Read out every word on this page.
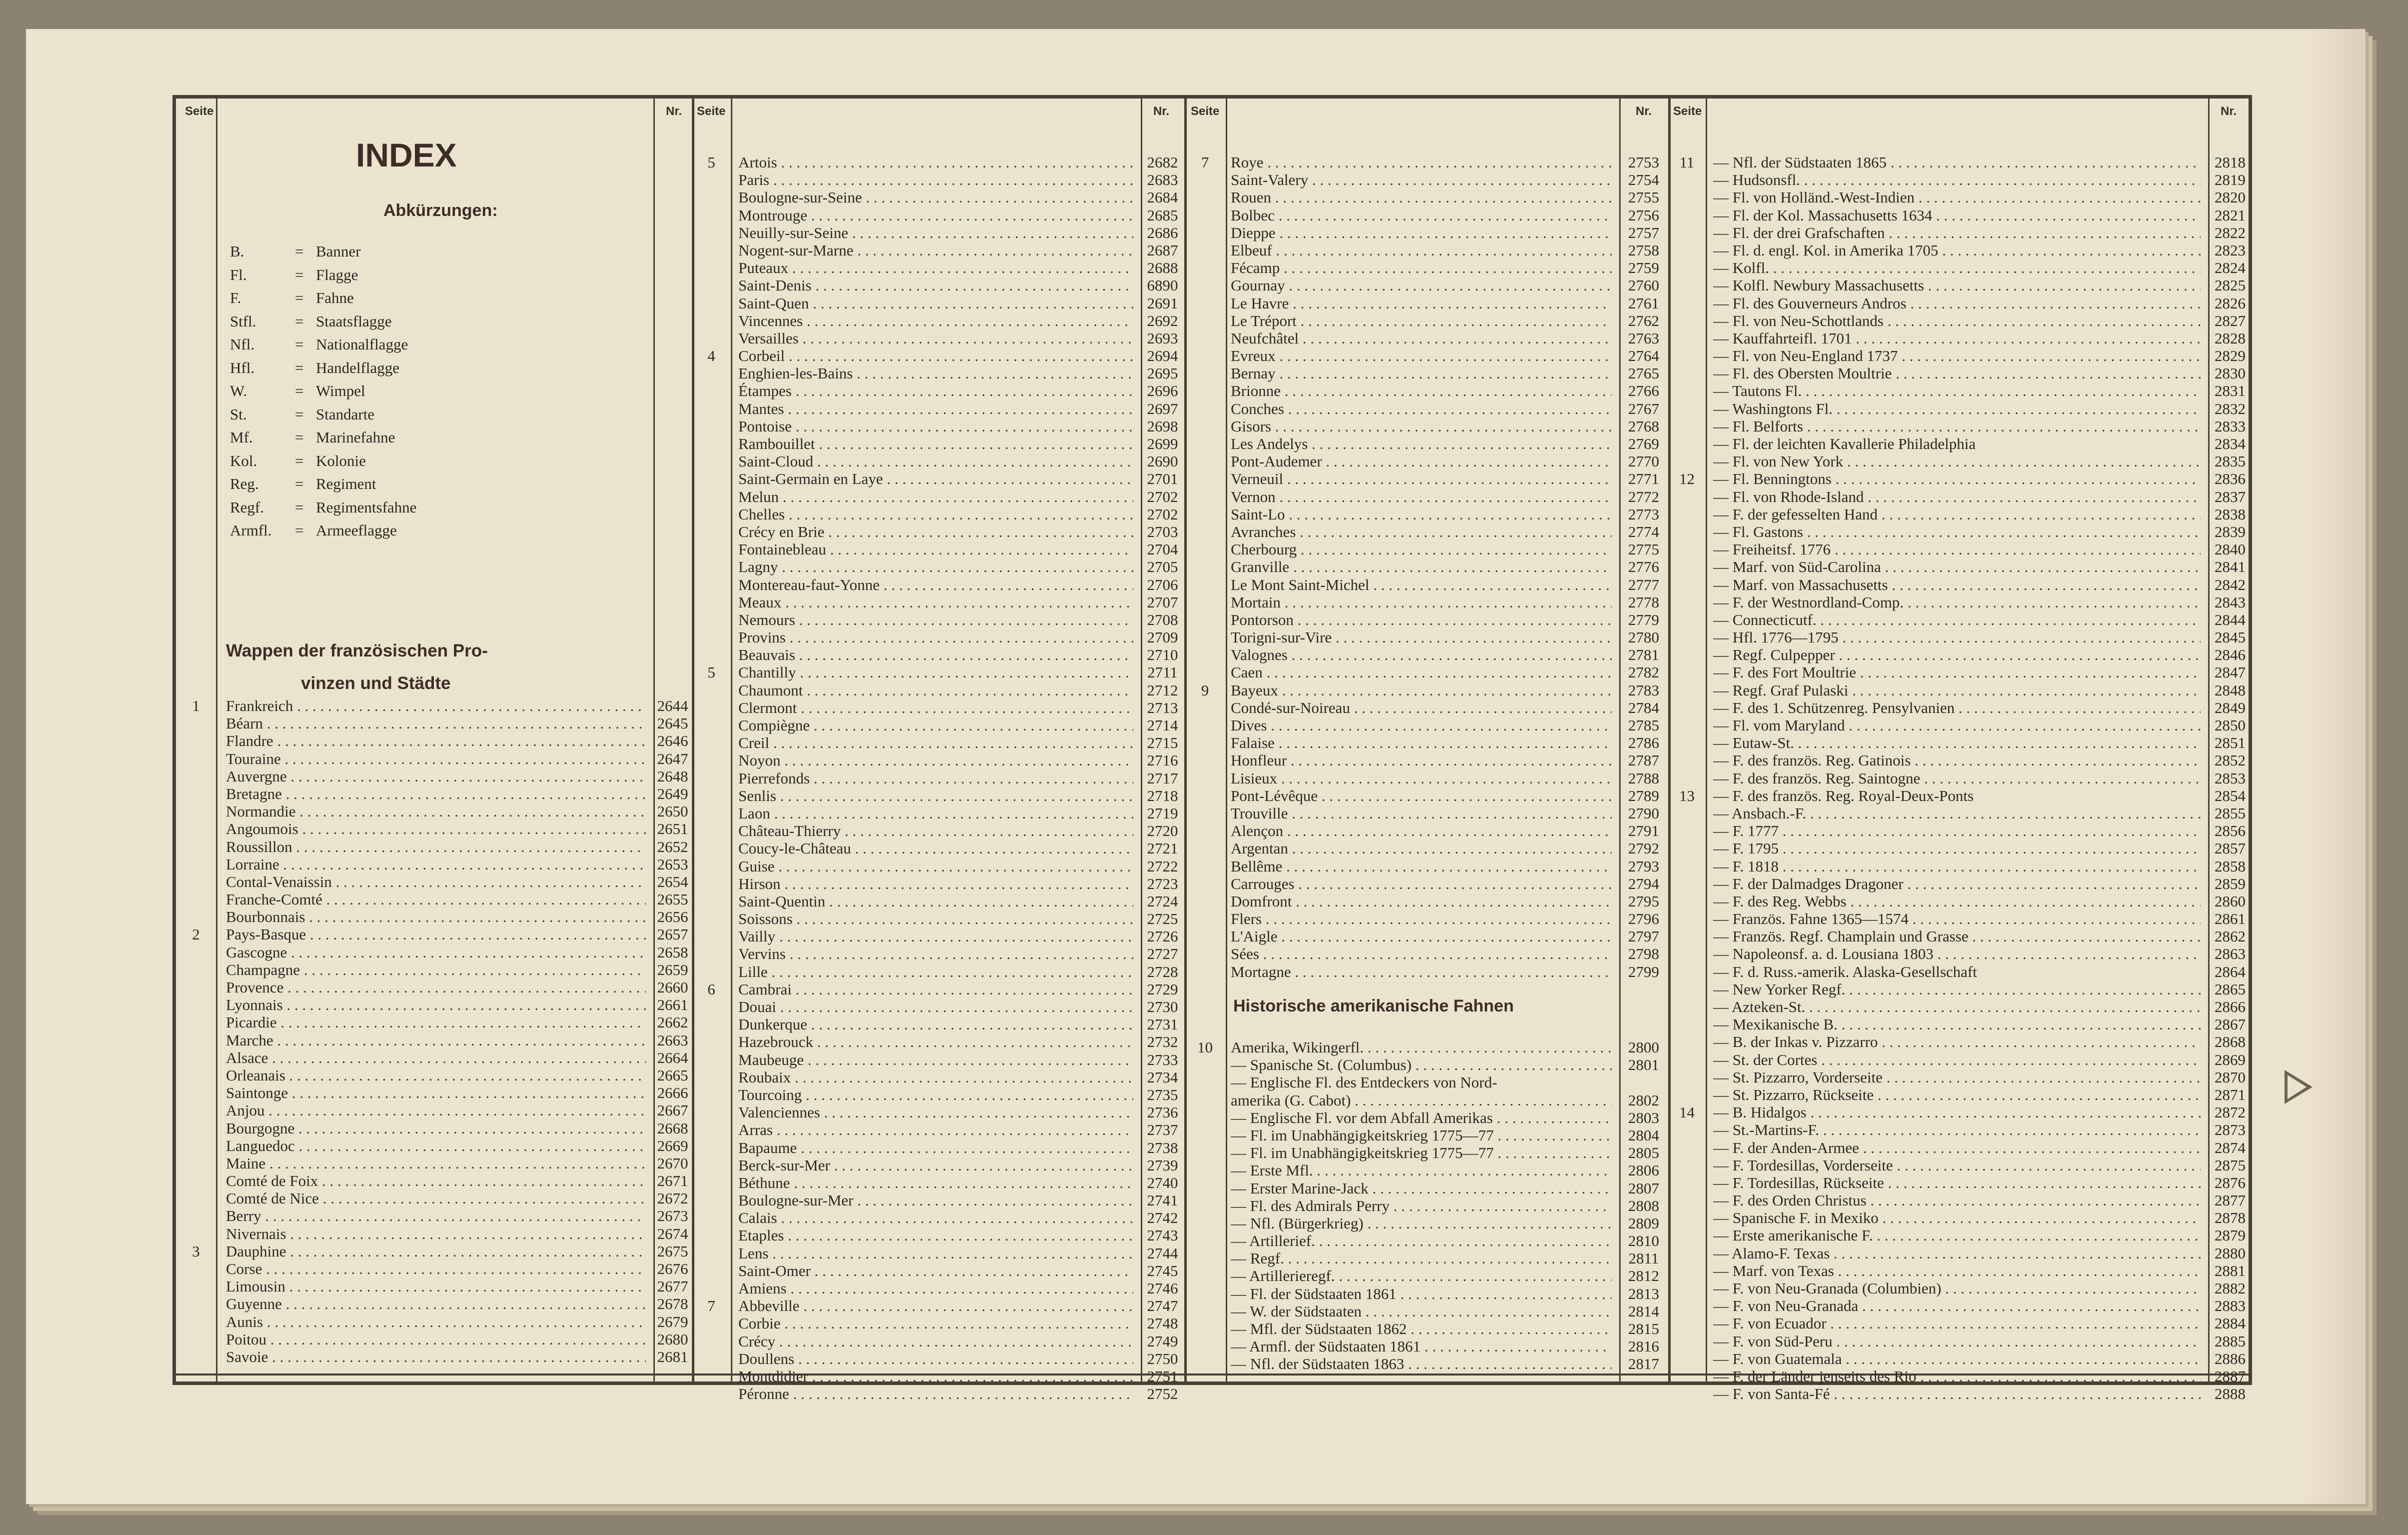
Seite	Nr. Seite	Nr. Seite	Nr. Seite	Nr.
INDEX
Abkürzungen:
B.	= Banner
Fl.	= Flagge
F.	= Fahne
Stfl. = Staatsflagge
Nfl.	= Nationalflagge
Hfl.	= Handelflagge
W.	= Wimpel
St.	= Standarte
Mf.	= Marinefahne
Kol. = Kolonie
Reg. = Regiment
Regf. = Regimentsfahne
Armfl. = Armeeflagge
Wappen der französischen Pro-
vinzen und Städte
Historische amerikanische Fahnen
1	Frankreich . . .	2644
Béarn . . .	2645
Flandre . . .	2646
Touraine . . .	2647
Auvergne . . .	2648
Bretagne . . .	2649
Normandie . . .	2650
Angoumois . . .	2651
Roussillon . . .	2652
Lorraine . . .	2653
Contal-Venaissin . . .	2654
Franche-Comté . . .	2655
Bourbonnais . . .	2656
2	Pays-Basque . . .	2657
Gascogne . . .	2658
Champagne . . .	2659
Provence . . .	2660
Lyonnais . . .	2661
Picardie . . .	2662
Marche . . .	2663
Alsace . . .	2664
Orleanais . . .	2665
Saintonge . . .	2666
Anjou . . .	2667
Bourgogne . . .	2668
Languedoc . . .	2669
Maine . . .	2670
Comté de Foix . . .	2671
Comté de Nice . . .	2672
Berry . . .	2673
Nivernais . . .	2674
3	Dauphine . . .	2675
Corse . . .	2676
Limousin . . .	2677
Guyenne . . .	2678
Aunis . . .	2679
Poitou . . .	2680
Savoie . . .	2681
5	Artois . . .	2682
Paris . . .	2683
Boulogne-sur-Seine . . .	2684
Montrouge . . .	2685
Neuilly-sur-Seine . . .	2686
Nogent-sur-Marne . . .	2687
Puteaux . . .	2688
Saint-Denis . . .	6890
Saint-Quen . . .	2691
Vincennes . . .	2692
Versailles . . .	2693
4	Corbeil . . .	2694
Enghien-les-Bains . . .	2695
Étampes . . .	2696
Mantes . . .	2697
Pontoise . . .	2698
Rambouillet . . .	2699
Saint-Cloud . . .	2690
Saint-Germain en Laye . . .	2701
Melun . . .	2702
Chelles . . .	2702
Crécy en Brie . . .	2703
Fontainebleau . . .	2704
Lagny . . .	2705
Montereau-faut-Yonne . . .	2706
Meaux . . .	2707
Nemours . . .	2708
Provins . . .	2709
Beauvais . . .	2710
5	Chantilly . . .	2711
Chaumont . . .	2712
Clermont . . .	2713
Compiègne . . .	2714
Creil . . .	2715
Noyon . . .	2716
Pierrefonds . . .	2717
Senlis . . .	2718
Laon . . .	2719
Château-Thierry . . .	2720
Coucy-le-Château . . .	2721
Guise . . .	2722
Hirson . . .	2723
Saint-Quentin . . .	2724
Soissons . . .	2725
Vailly . . .	2726
Vervins . . .	2727
Lille . . .	2728
6	Cambrai . . .	2729
Douai . . .	2730
Dunkerque . . .	2731
Hazebrouck . . .	2732
Maubeuge . . .	2733
Roubaix . . .	2734
Tourcoing . . .	2735
Valenciennes . . .	2736
Arras . . .	2737
Bapaume . . .	2738
Berck-sur-Mer . . .	2739
Béthune . . .	2740
Boulogne-sur-Mer . . .	2741
Calais . . .	2742
Etaples . . .	2743
Lens . . .	2744
Saint-Omer . . .	2745
Amiens . . .	2746
7	Abbeville . . .	2747
Corbie . . .	2748
Crécy . . .	2749
Doullens . . .	2750
Montdidier . . .	2751
Péronne . . .	2752
7	Roye . . .	2753
Saint-Valery . . .	2754
Rouen . . .	2755
Bolbec . . .	2756
Dieppe . . .	2757
Elbeuf . . .	2758
Fécamp . . .	2759
Gournay . . .	2760
Le Havre . . .	2761
Le Tréport . . .	2762
Neufchâtel . . .	2763
Evreux . . .	2764
Bernay . . .	2765
Brionne . . .	2766
Conches . . .	2767
Gisors . . .	2768
Les Andelys . . .	2769
Pont-Audemer . . .	2770
Verneuil . . .	2771
Vernon . . .	2772
Saint-Lo . . .	2773
Avranches . . .	2774
Cherbourg . . .	2775
Granville . . .	2776
Le Mont Saint-Michel . . .	2777
Mortain . . .	2778
Pontorson . . .	2779
Torigni-sur-Vire . . .	2780
Valognes . . .	2781
Caen . . .	2782
9	Bayeux . . .	2783
Condé-sur-Noireau . . .	2784
Dives . . .	2785
Falaise . . .	2786
Honfleur . . .	2787
Lisieux . . .	2788
Pont-Lévêque . . .	2789
Trouville . . .	2790
Alençon . . .	2791
Argentan . . .	2792
Bellême . . .	2793
Carrouges . . .	2794
Domfront . . .	2795
Flers . . .	2796
L'Aigle . . .	2797
Sées . . .	2798
Mortagne . . .	2799
10	Amerika, Wikingerfl. . . .	2800
— Spanische St. (Columbus) . . .	2801
— Englische Fl. des Entdeckers von Nord-
amerika (G. Cabot) . . .	2802
— Englische Fl. vor dem Abfall Amerikas . . .	2803
— Fl. im Unabhängigkeitskrieg 1775—77 . . .	2804
— Fl. im Unabhängigkeitskrieg 1775—77 . . .	2805
— Erste Mfl. . . .	2806
— Erster Marine-Jack . . .	2807
— Fl. des Admirals Perry . . .	2808
— Nfl. (Bürgerkrieg) . . .	2809
— Artillerief. . . .	2810
— Regf. . . .	2811
— Artillerieregf. . . .	2812
— Fl. der Südstaaten 1861 . . .	2813
— W. der Südstaaten . . .	2814
— Mfl. der Südstaaten 1862 . . .	2815
— Armfl. der Südstaaten 1861 . . .	2816
— Nfl. der Südstaaten 1863 . . .	2817
11	— Nfl. der Südstaaten 1865 . . .	2818
— Hudsonsfl. . . .	2819
— Fl. von Holländ.-West-Indien . . .	2820
— Fl. der Kol. Massachusetts 1634 . . .	2821
— Fl. der drei Grafschaften . . .	2822
— Fl. d. engl. Kol. in Amerika 1705 . . .	2823
— Kolfl. . . .	2824
— Kolfl. Newbury Massachusetts . . .	2825
— Fl. des Gouverneurs Andros . . .	2826
— Fl. von Neu-Schottlands . . .	2827
— Kauffahrteifl. 1701 . . .	2828
— Fl. von Neu-England 1737 . . .	2829
— Fl. des Obersten Moultrie . . .	2830
— Tautons Fl. . . .	2831
— Washingtons Fl. . . .	2832
— Fl. Belforts . . .	2833
— Fl. der leichten Kavallerie Philadelphia	2834
— Fl. von New York . . .	2835
12	— Fl. Benningtons . . .	2836
— Fl. von Rhode-Island . . .	2837
— F. der gefesselten Hand . . .	2838
— Fl. Gastons . . .	2839
— Freiheitsf. 1776 . . .	2840
— Marf. von Süd-Carolina . . .	2841
— Marf. von Massachusetts . . .	2842
— F. der Westnordland-Comp. . . .	2843
— Connecticutf. . . .	2844
— Hfl. 1776—1795 . . .	2845
— Regf. Culpepper . . .	2846
— F. des Fort Moultrie . . .	2847
— Regf. Graf Pulaski . . .	2848
— F. des 1. Schützenreg. Pensylvanien . . .	2849
— Fl. vom Maryland . . .	2850
— Eutaw-St. . . .	2851
— F. des französ. Reg. Gatinois . . .	2852
— F. des französ. Reg. Saintogne . . .	2853
13	— F. des französ. Reg. Royal-Deux-Ponts	2854
— Ansbach.-F. . . .	2855
— F. 1777 . . .	2856
— F. 1795 . . .	2857
— F. 1818 . . .	2858
— F. der Dalmadges Dragoner . . .	2859
— F. des Reg. Webbs . . .	2860
— Französ. Fahne 1365—1574 . . .	2861
— Französ. Regf. Champlain und Grasse . . .	2862
— Napoleonsf. a. d. Lousiana 1803 . . .	2863
— F. d. Russ.-amerik. Alaska-Gesellschaft	2864
— New Yorker Regf. . . .	2865
— Azteken-St. . . .	2866
— Mexikanische B. . . .	2867
— B. der Inkas v. Pizzarro . . .	2868
— St. der Cortes . . .	2869
— St. Pizzarro, Vorderseite . . .	2870
— St. Pizzarro, Rückseite . . .	2871
14	— B. Hidalgos . . .	2872
— St.-Martins-F. . . .	2873
— F. der Anden-Armee . . .	2874
— F. Tordesillas, Vorderseite . . .	2875
— F. Tordesillas, Rückseite . . .	2876
— F. des Orden Christus . . .	2877
— Spanische F. in Mexiko . . .	2878
— Erste amerikanische F. . . .	2879
— Alamo-F. Texas . . .	2880
— Marf. von Texas . . .	2881
— F. von Neu-Granada (Columbien) . . .	2882
— F. von Neu-Granada . . .	2883
— F. von Ecuador . . .	2884
— F. von Süd-Peru . . .	2885
— F. von Guatemala . . .	2886
— F. der Länder jenseits des Rio . . .	2887
— F. von Santa-Fé . . .	2888
